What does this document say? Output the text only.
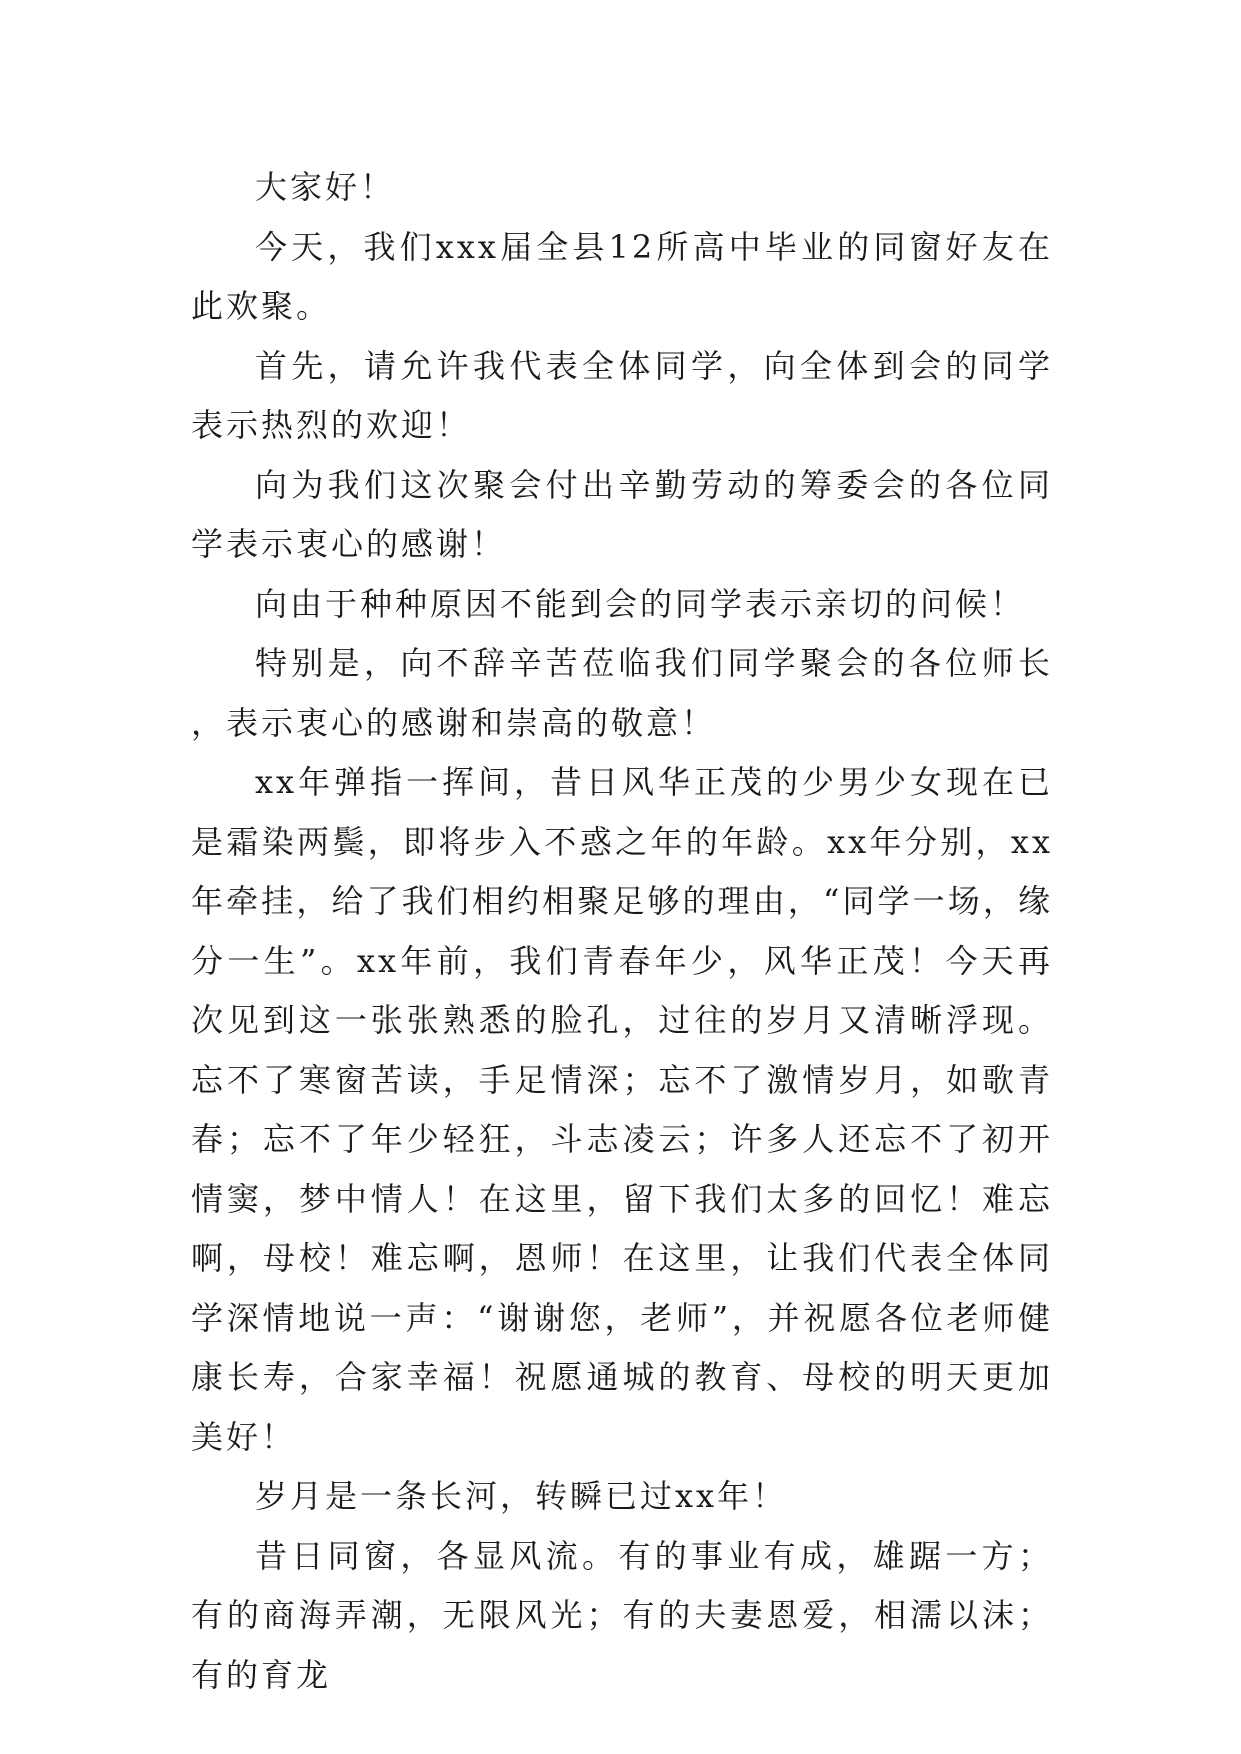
大家好！

今天，我们xxx届全县12所高中毕业的同窗好友在此欢聚。

首先，请允许我代表全体同学，向全体到会的同学表示热烈的欢迎！

向为我们这次聚会付出辛勤劳动的筹委会的各位同学表示衷心的感谢！

向由于种种原因不能到会的同学表示亲切的问候！

特别是，向不辞辛苦莅临我们同学聚会的各位师长，表示衷心的感谢和崇高的敬意！

xx年弹指一挥间，昔日风华正茂的少男少女现在已是霜染两鬓，即将步入不惑之年的年龄。xx年分别，xx年牵挂，给了我们相约相聚足够的理由，“同学一场，缘分一生”。xx年前，我们青春年少，风华正茂！今天再次见到这一张张熟悉的脸孔，过往的岁月又清晰浮现。忘不了寒窗苦读，手足情深；忘不了激情岁月，如歌青春；忘不了年少轻狂，斗志凌云；许多人还忘不了初开情窦，梦中情人！在这里，留下我们太多的回忆！难忘啊，母校！难忘啊，恩师！在这里，让我们代表全体同学深情地说一声：“谢谢您，老师”，并祝愿各位老师健康长寿，合家幸福！祝愿通城的教育、母校的明天更加美好！

岁月是一条长河，转瞬已过xx年！

昔日同窗，各显风流。有的事业有成，雄踞一方；有的商海弄潮，无限风光；有的夫妻恩爱，相濡以沫；有的育龙
